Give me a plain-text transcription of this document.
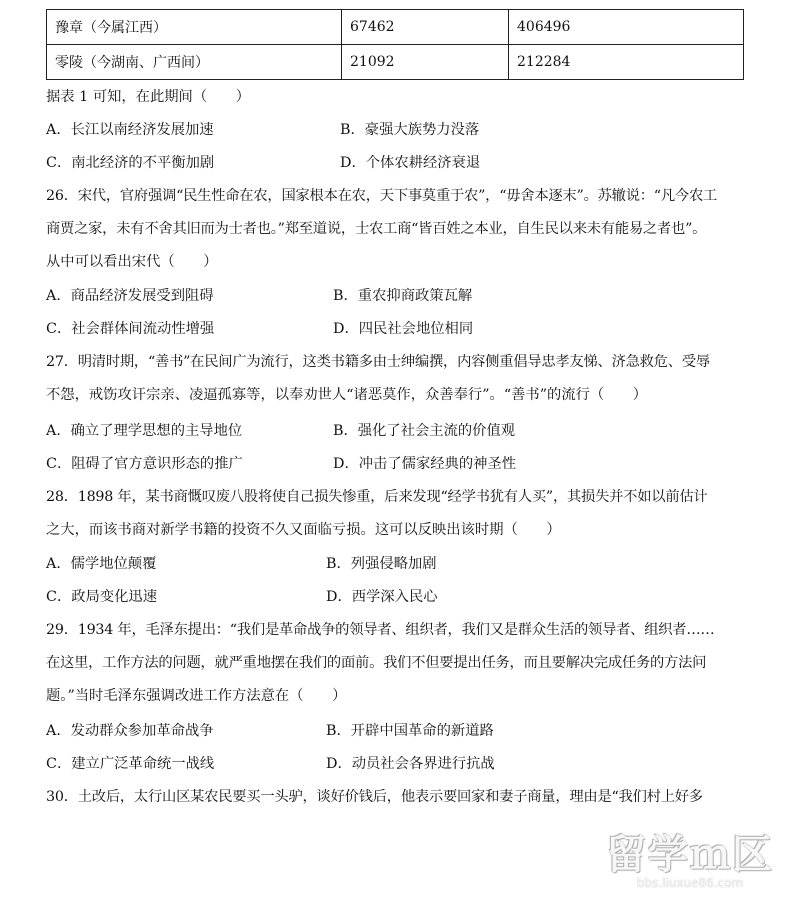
豫章（今属江西）	67462	406496
零陵（今湖南、广西间）	21092	212284
据表 1 可知，在此期间（　　）
A．长江以南经济发展加速	B．豪强大族势力没落
C．南北经济的不平衡加剧	D．个体农耕经济衰退
26．宋代，官府强调“民生性命在农，国家根本在农，天下事莫重于农”，“毋舍本逐末”。苏辙说：“凡今农工
商贾之家，未有不舍其旧而为士者也。”郑至道说，士农工商“皆百姓之本业，自生民以来未有能易之者也”。
从中可以看出宋代（　　）
A．商品经济发展受到阻碍	B．重农抑商政策瓦解
C．社会群体间流动性增强	D．四民社会地位相同
27．明清时期，“善书”在民间广为流行，这类书籍多由士绅编撰，内容侧重倡导忠孝友悌、济急救危、受辱
不怨，戒饬攻讦宗亲、凌逼孤寡等，以奉劝世人“诸恶莫作，众善奉行”。“善书”的流行（　　）
A．确立了理学思想的主导地位	B．强化了社会主流的价值观
C．阻碍了官方意识形态的推广	D．冲击了儒家经典的神圣性
28．1898 年，某书商慨叹废八股将使自己损失惨重，后来发现“经学书犹有人买”，其损失并不如以前估计
之大，而该书商对新学书籍的投资不久又面临亏损。这可以反映出该时期（　　）
A．儒学地位颠覆	B．列强侵略加剧
C．政局变化迅速	D．西学深入民心
29．1934 年，毛泽东提出：“我们是革命战争的领导者、组织者，我们又是群众生活的领导者、组织者……
在这里，工作方法的问题，就严重地摆在我们的面前。我们不但要提出任务，而且要解决完成任务的方法问
题。”当时毛泽东强调改进工作方法意在（　　）
A．发动群众参加革命战争	B．开辟中国革命的新道路
C．建立广泛革命统一战线	D．动员社会各界进行抗战
30．土改后，太行山区某农民要买一头驴，谈好价钱后，他表示要回家和妻子商量，理由是“我们村上好多
留学ｍ区
bbs.liuxue86.com
